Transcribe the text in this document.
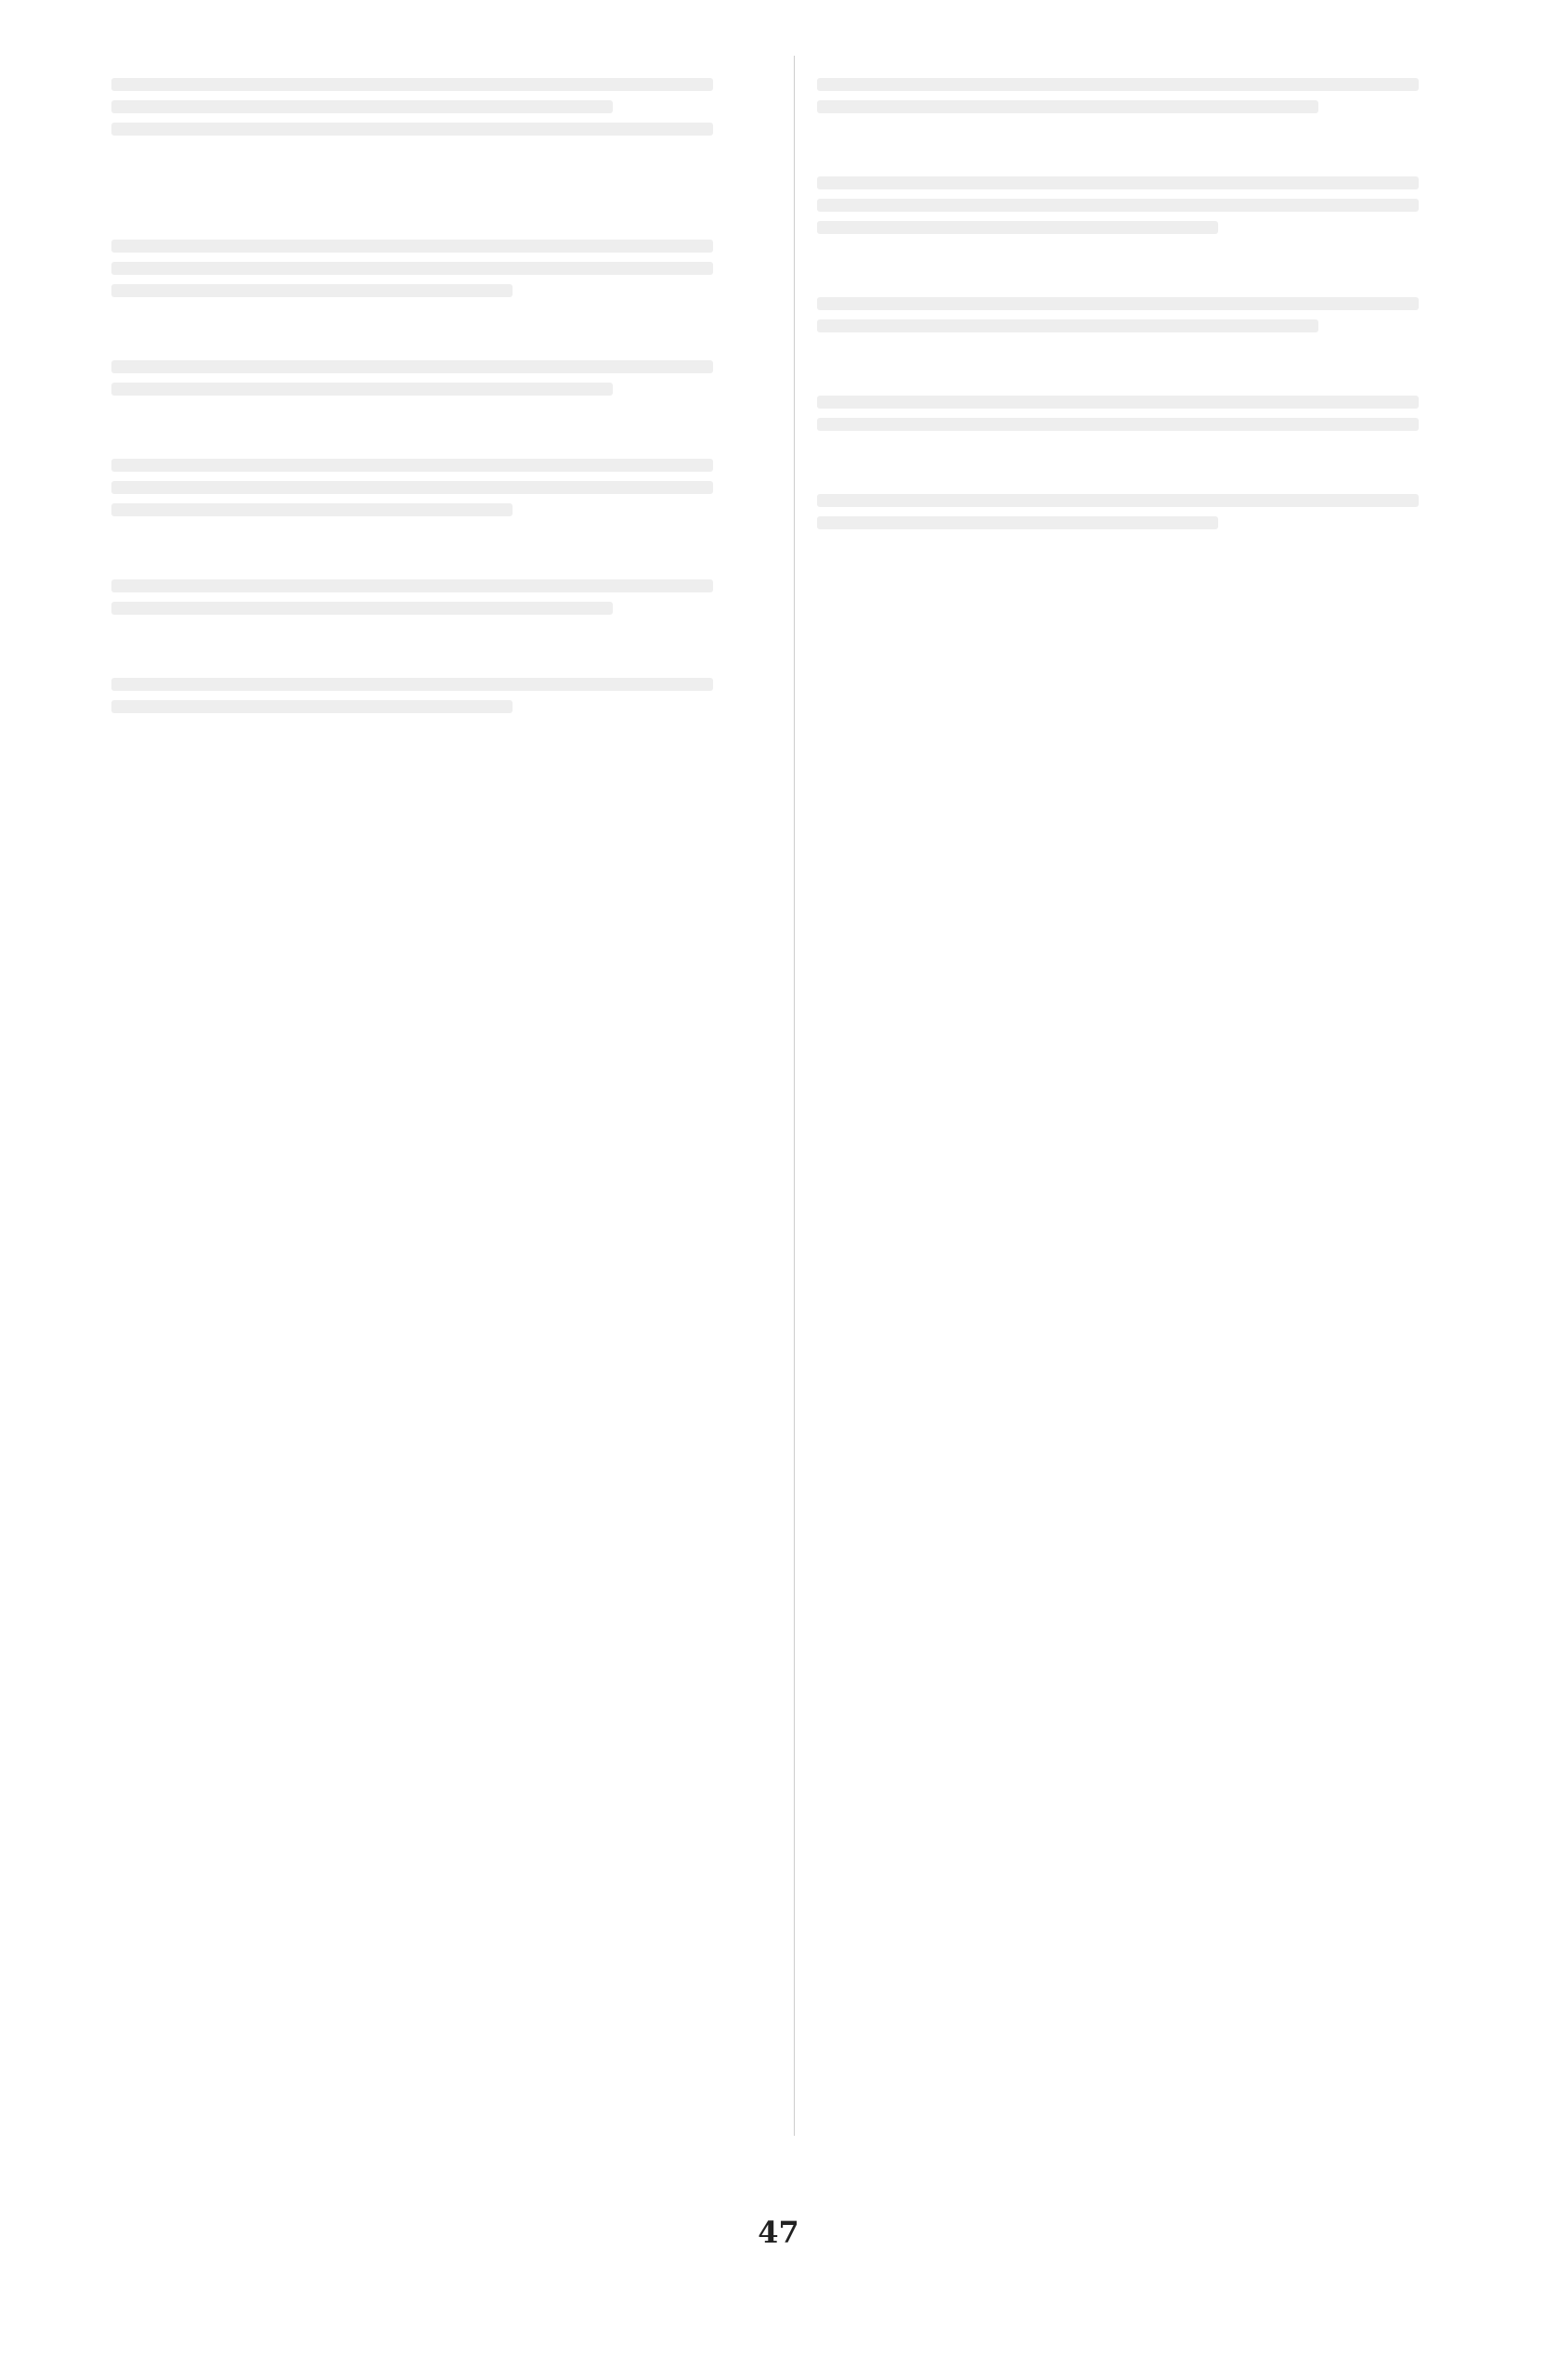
47
